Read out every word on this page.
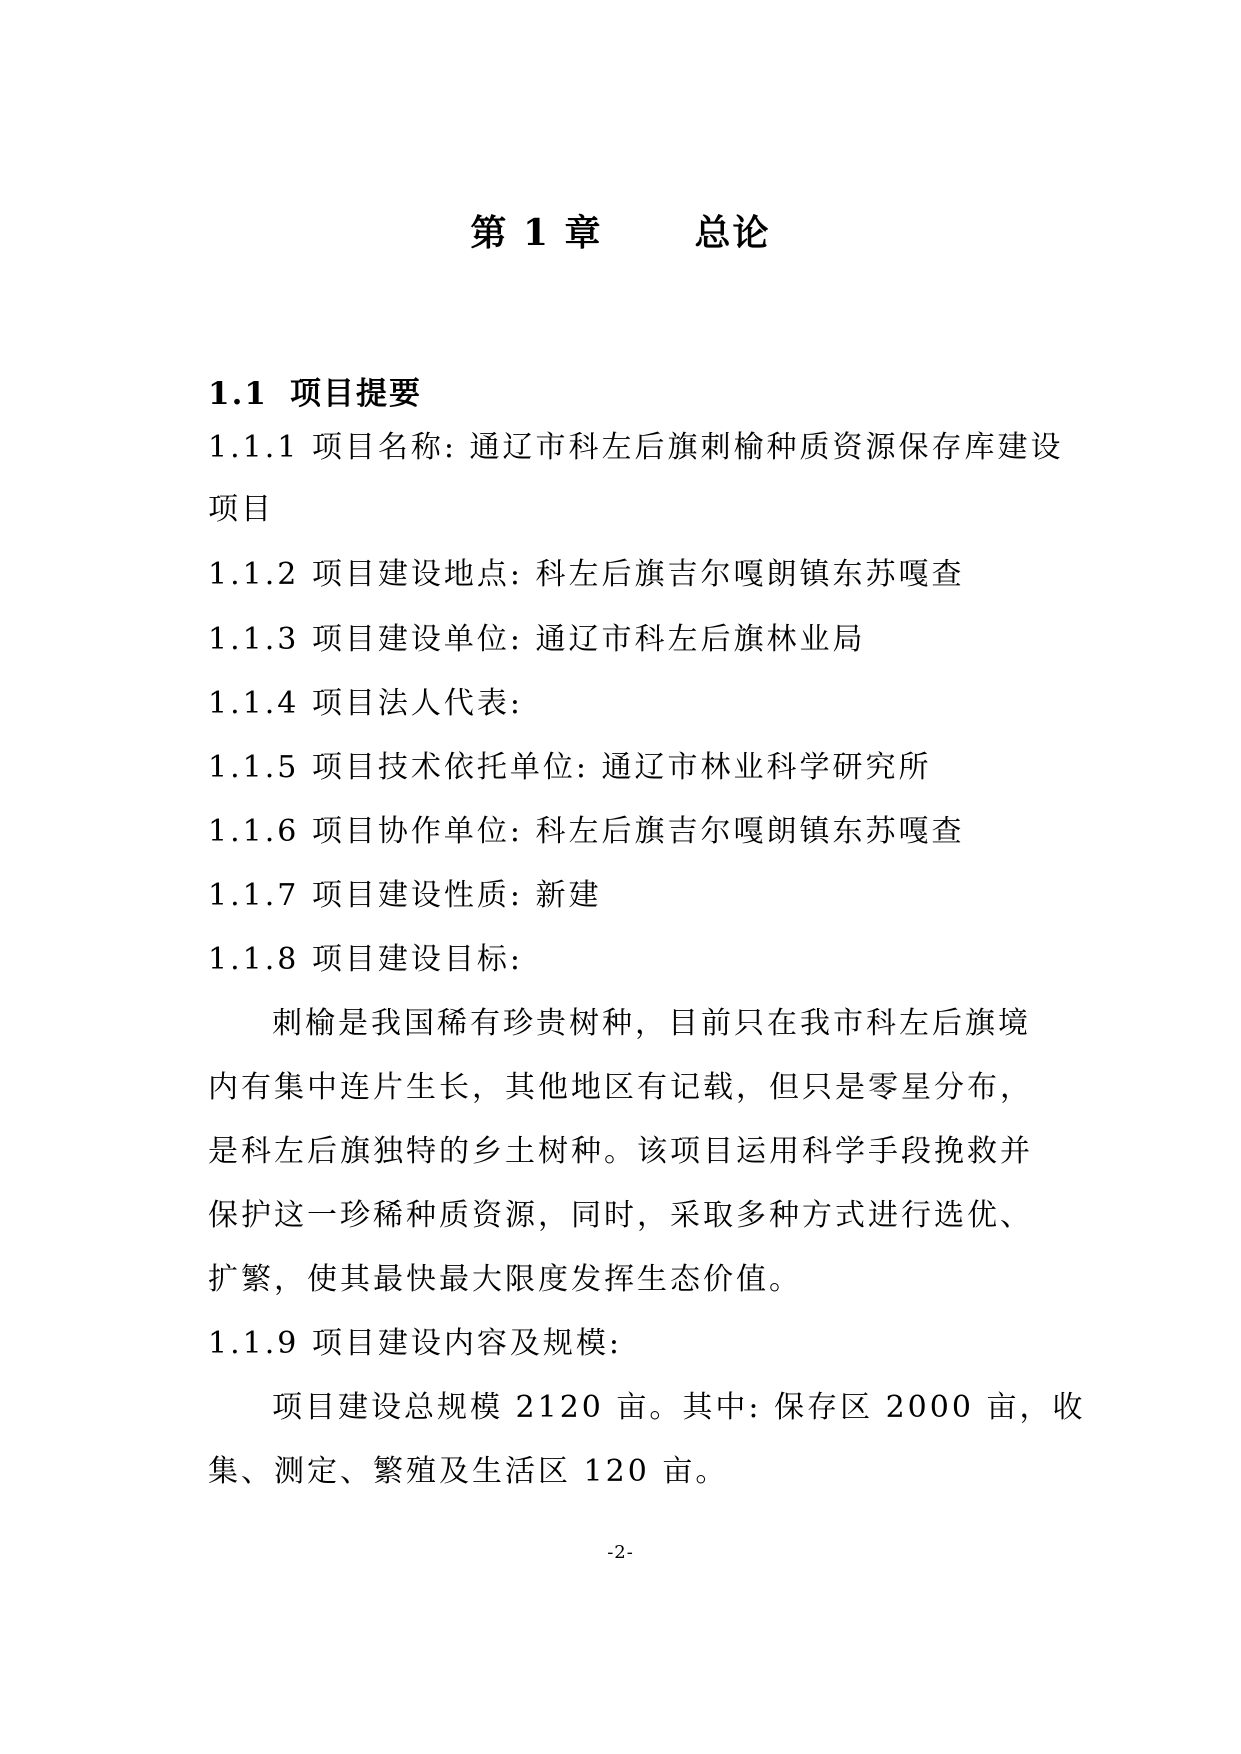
第 1 章	总论
1.1 项目提要
1.1.1 项目名称: 通辽市科左后旗刺榆种质资源保存库建设
项目
1.1.2 项目建设地点: 科左后旗吉尔嘎朗镇东苏嘎查
1.1.3 项目建设单位: 通辽市科左后旗林业局
1.1.4 项目法人代表:
1.1.5 项目技术依托单位: 通辽市林业科学研究所
1.1.6 项目协作单位: 科左后旗吉尔嘎朗镇东苏嘎查
1.1.7 项目建设性质: 新建
1.1.8 项目建设目标:
刺榆是我国稀有珍贵树种，目前只在我市科左后旗境
内有集中连片生长，其他地区有记载，但只是零星分布，
是科左后旗独特的乡土树种。该项目运用科学手段挽救并
保护这一珍稀种质资源，同时，采取多种方式进行选优、
扩繁，使其最快最大限度发挥生态价值。
1.1.9 项目建设内容及规模:
项目建设总规模 2120 亩。其中: 保存区 2000 亩，收
集、测定、繁殖及生活区 120 亩。
-2-
